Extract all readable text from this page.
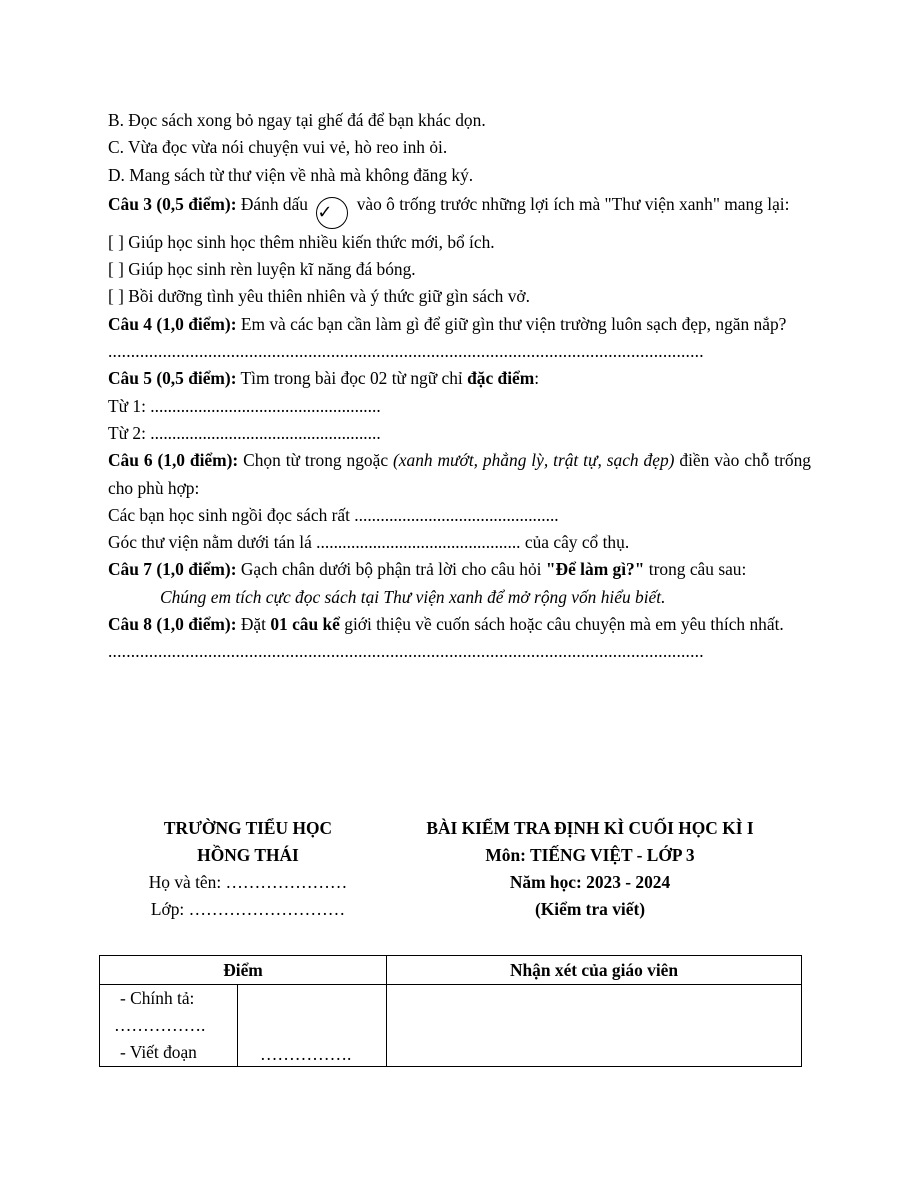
B. Đọc sách xong bỏ ngay tại ghế đá để bạn khác dọn.
C. Vừa đọc vừa nói chuyện vui vẻ, hò reo inh ỏi.
D. Mang sách từ thư viện về nhà mà không đăng ký.
Câu 3 (0,5 điểm): Đánh dấu ✓ vào ô trống trước những lợi ích mà "Thư viện xanh" mang lại:
[ ] Giúp học sinh học thêm nhiều kiến thức mới, bổ ích.
[ ] Giúp học sinh rèn luyện kĩ năng đá bóng.
[ ] Bồi dưỡng tình yêu thiên nhiên và ý thức giữ gìn sách vở.
Câu 4 (1,0 điểm): Em và các bạn cần làm gì để giữ gìn thư viện trường luôn sạch đẹp, ngăn nắp?
...................................................................................................................................
Câu 5 (0,5 điểm): Tìm trong bài đọc 02 từ ngữ chỉ đặc điểm:
Từ 1: .....................................................
Từ 2: .....................................................
Câu 6 (1,0 điểm): Chọn từ trong ngoặc (xanh mướt, phẳng lỳ, trật tự, sạch đẹp) điền vào chỗ trống cho phù hợp:
Các bạn học sinh ngồi đọc sách rất ...............................................
Góc thư viện nằm dưới tán lá ............................................... của cây cổ thụ.
Câu 7 (1,0 điểm): Gạch chân dưới bộ phận trả lời cho câu hỏi "Để làm gì?" trong câu sau:
Chúng em tích cực đọc sách tại Thư viện xanh để mở rộng vốn hiểu biết.
Câu 8 (1,0 điểm): Đặt 01 câu kể giới thiệu về cuốn sách hoặc câu chuyện mà em yêu thích nhất.
...................................................................................................................................
TRƯỜNG TIỂU HỌC
HỒNG THÁI
Họ và tên: …………………
Lớp: ………………………
BÀI KIỂM TRA ĐỊNH KÌ CUỐI HỌC KÌ I
Môn: TIẾNG VIỆT - LỚP 3
Năm học: 2023 - 2024
(Kiểm tra viết)
Điểm		Nhận xét của giáo viên

- Chính tả:
…………….
- Viết đoạn	…………….	
